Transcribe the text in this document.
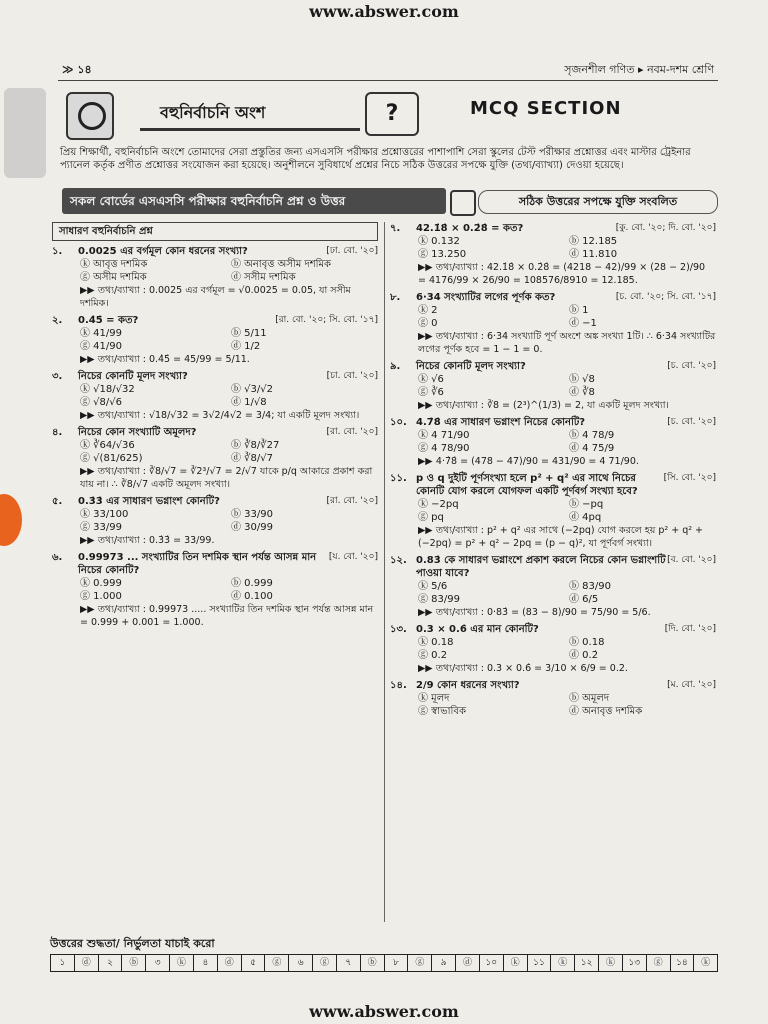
www.abswer.com
≫ ১৪	সৃজনশীল গণিত ▸ নবম-দশম শ্রেণি
বহুনির্বাচনি অংশ	?	MCQ SECTION
প্রিয় শিক্ষার্থী, বহুনির্বাচনি অংশে তোমাদের সেরা প্রস্তুতির জন্য এসএসসি পরীক্ষার প্রশ্নোত্তরের পাশাপাশি সেরা স্কুলের টেস্ট পরীক্ষার প্রশ্নোত্তর এবং মাস্টার ট্রেইনার প্যানেল কর্তৃক প্রণীত প্রশ্নোত্তর সংযোজন করা হয়েছে। অনুশীলনে সুবিধার্থে প্রশ্নের নিচে সঠিক উত্তরের সপক্ষে যুক্তি (তথ্য/ব্যাখ্যা) দেওয়া হয়েছে।
সকল বোর্ডের এসএসসি পরীক্ষার বহুনির্বাচনি প্রশ্ন ও উত্তর	সঠিক উত্তরের সপক্ষে যুক্তি সংবলিত
সাধারণ বহুনির্বাচনি প্রশ্ন
১.	0.0025 এর বর্গমূল কোন ধরনের সংখ্যা?	[ঢা. বো. '২০]
ⓚ আবৃত্ত দশমিক	ⓑ অনাবৃত্ত অসীম দশমিক
ⓖ অসীম দশমিক	ⓓ সসীম দশমিক
▶▶ তথ্য/ব্যাখ্যা : 0.0025 এর বর্গমূল = √0.0025 = 0.05, যা সসীম দশমিক।
২.	0.4̇5̇ = কত?	[রা. বো. '২০; সি. বো. '১৭]
ⓚ 41/99	ⓑ 5/11
ⓖ 41/90	ⓓ 1/2
▶▶ তথ্য/ব্যাখ্যা : 0.4̇5̇ = 45/99 = 5/11.
৩.	নিচের কোনটি মূলদ সংখ্যা?	[চা. বো. '২০]
ⓚ √18/√32	ⓑ √3/√2
ⓖ √8/√6	ⓓ 1/√8
▶▶ তথ্য/ব্যাখ্যা : √18/√32 = 3√2/4√2 = 3/4; যা একটি মূলদ সংখ্যা।
৪.	নিচের কোন সংখ্যাটি অমূলদ?	[রা. বো. '২০]
ⓚ ∛64/√36	ⓑ ∛8/∛27
ⓖ √(81/625)	ⓓ ∛8/√7
▶▶ তথ্য/ব্যাখ্যা : ∛8/√7 = ∛2³/√7 = 2/√7 যাকে p/q আকারে প্রকাশ করা যায় না। ∴ ∛8/√7 একটি অমূলদ সংখ্যা।
৫.	0.3̇3̇ এর সাধারণ ভগ্নাংশ কোনটি?	[রা. বো. '২০]
ⓚ 33/100	ⓑ 33/90
ⓖ 33/99	ⓓ 30/99
▶▶ তথ্য/ব্যাখ্যা : 0.3̇3̇ = 33/99.
৬.	0.99973 ... সংখ্যাটির তিন দশমিক স্থান পর্যন্ত আসন্ন মান নিচের কোনটি?
[য. বো. '২০]
ⓚ 0.999	ⓑ 0.999
ⓖ 1.000	ⓓ 0.100
▶▶ তথ্য/ব্যাখ্যা : 0.99973 ..... সংখ্যাটির তিন দশমিক স্থান পর্যন্ত আসন্ন মান = 0.999 + 0.001 = 1.000.
৭.	42.1̇8̇ × 0.2̇8̇ = কত?	[কু. বো. '২০; দি. বো. '২০]
ⓚ 0.132	ⓑ 12.185
ⓖ 13.250	ⓓ 11.810
▶▶ তথ্য/ব্যাখ্যা : 42.1̇8̇ × 0.2̇8̇ = (4218 − 42)/99 × (28 − 2)/90 = 4176/99 × 26/90 = 108576/8910 = 12.185.
৮.	6·34 সংখ্যাটির লগের পূর্ণক কত?	[চ. বো. '২০; সি. বো. '১৭]
ⓚ 2	ⓑ 1
ⓖ 0	ⓓ −1
▶▶ তথ্য/ব্যাখ্যা : 6·34 সংখ্যাটি পূর্ণ অংশে অঙ্ক সংখ্যা 1টি। ∴ 6·34 সংখ্যাটির লগের পূর্ণক হবে = 1 − 1 = 0.
৯.	নিচের কোনটি মূলদ সংখ্যা?	[চ. বো. '২০]
ⓚ √6	ⓑ √8
ⓖ ∛6	ⓓ ∛8
▶▶ তথ্য/ব্যাখ্যা : ∛8 = (2³)^(1/3) = 2, যা একটি মূলদ সংখ্যা।
১০. 4.7̇8̇ এর সাধারণ ভগ্নাংশ নিচের কোনটি?	[চ. বো. '২০]
ⓚ 4 71/90	ⓑ 4 78/9
ⓖ 4 78/90	ⓓ 4 75/9
▶▶ 4·7̇8̇ = (478 − 47)/90 = 431/90 = 4 71/90.
১১. p ও q দুইটি পূর্ণসংখ্যা হলে p² + q² এর সাথে নিচের কোনটি যোগ করলে যোগফল একটি পূর্ণবর্গ সংখ্যা হবে?
[সি. বো. '২০]
ⓚ −2pq	ⓑ −pq
ⓖ pq	ⓓ 4pq
▶▶ তথ্য/ব্যাখ্যা : p² + q² এর সাথে (−2pq) যোগ করলে হয় p² + q² + (−2pq) = p² + q² − 2pq = (p − q)², যা পূর্ণবর্গ সংখ্যা।
১২. 0.83̇ কে সাধারণ ভগ্নাংশে প্রকাশ করলে নিচের কোন ভগ্নাংশটি পাওয়া যাবে?
[ব. বো. '২০]
ⓚ 5/6	ⓑ 83/90
ⓖ 83/99	ⓓ 6/5
▶▶ তথ্য/ব্যাখ্যা : 0·83̇ = (83 − 8)/90 = 75/90 = 5/6.
১৩. 0.3 × 0.6̇ এর মান কোনটি?	[দি. বো. '২০]
ⓚ 0.18	ⓑ 0.18
ⓖ 0.2	ⓓ 0.2̇
▶▶ তথ্য/ব্যাখ্যা : 0.3 × 0.6̇ = 3/10 × 6/9 = 0.2.
১৪. 2/9 কোন ধরনের সংখ্যা?	[ম. বো. '২০]
ⓚ মূলদ	ⓑ অমূলদ
ⓖ স্বাভাবিক	ⓓ অনাবৃত্ত দশমিক
উত্তরের শুদ্ধতা/ নির্ভুলতা যাচাই করো
১	ⓓ	২	ⓑ	৩	ⓚ	৪	ⓓ	৫	ⓖ	৬	ⓖ	৭	ⓑ	৮	ⓖ	৯	ⓓ	১০	ⓚ	১১	ⓚ	১২	ⓚ	১৩	ⓖ	১৪	ⓚ
www.abswer.com
